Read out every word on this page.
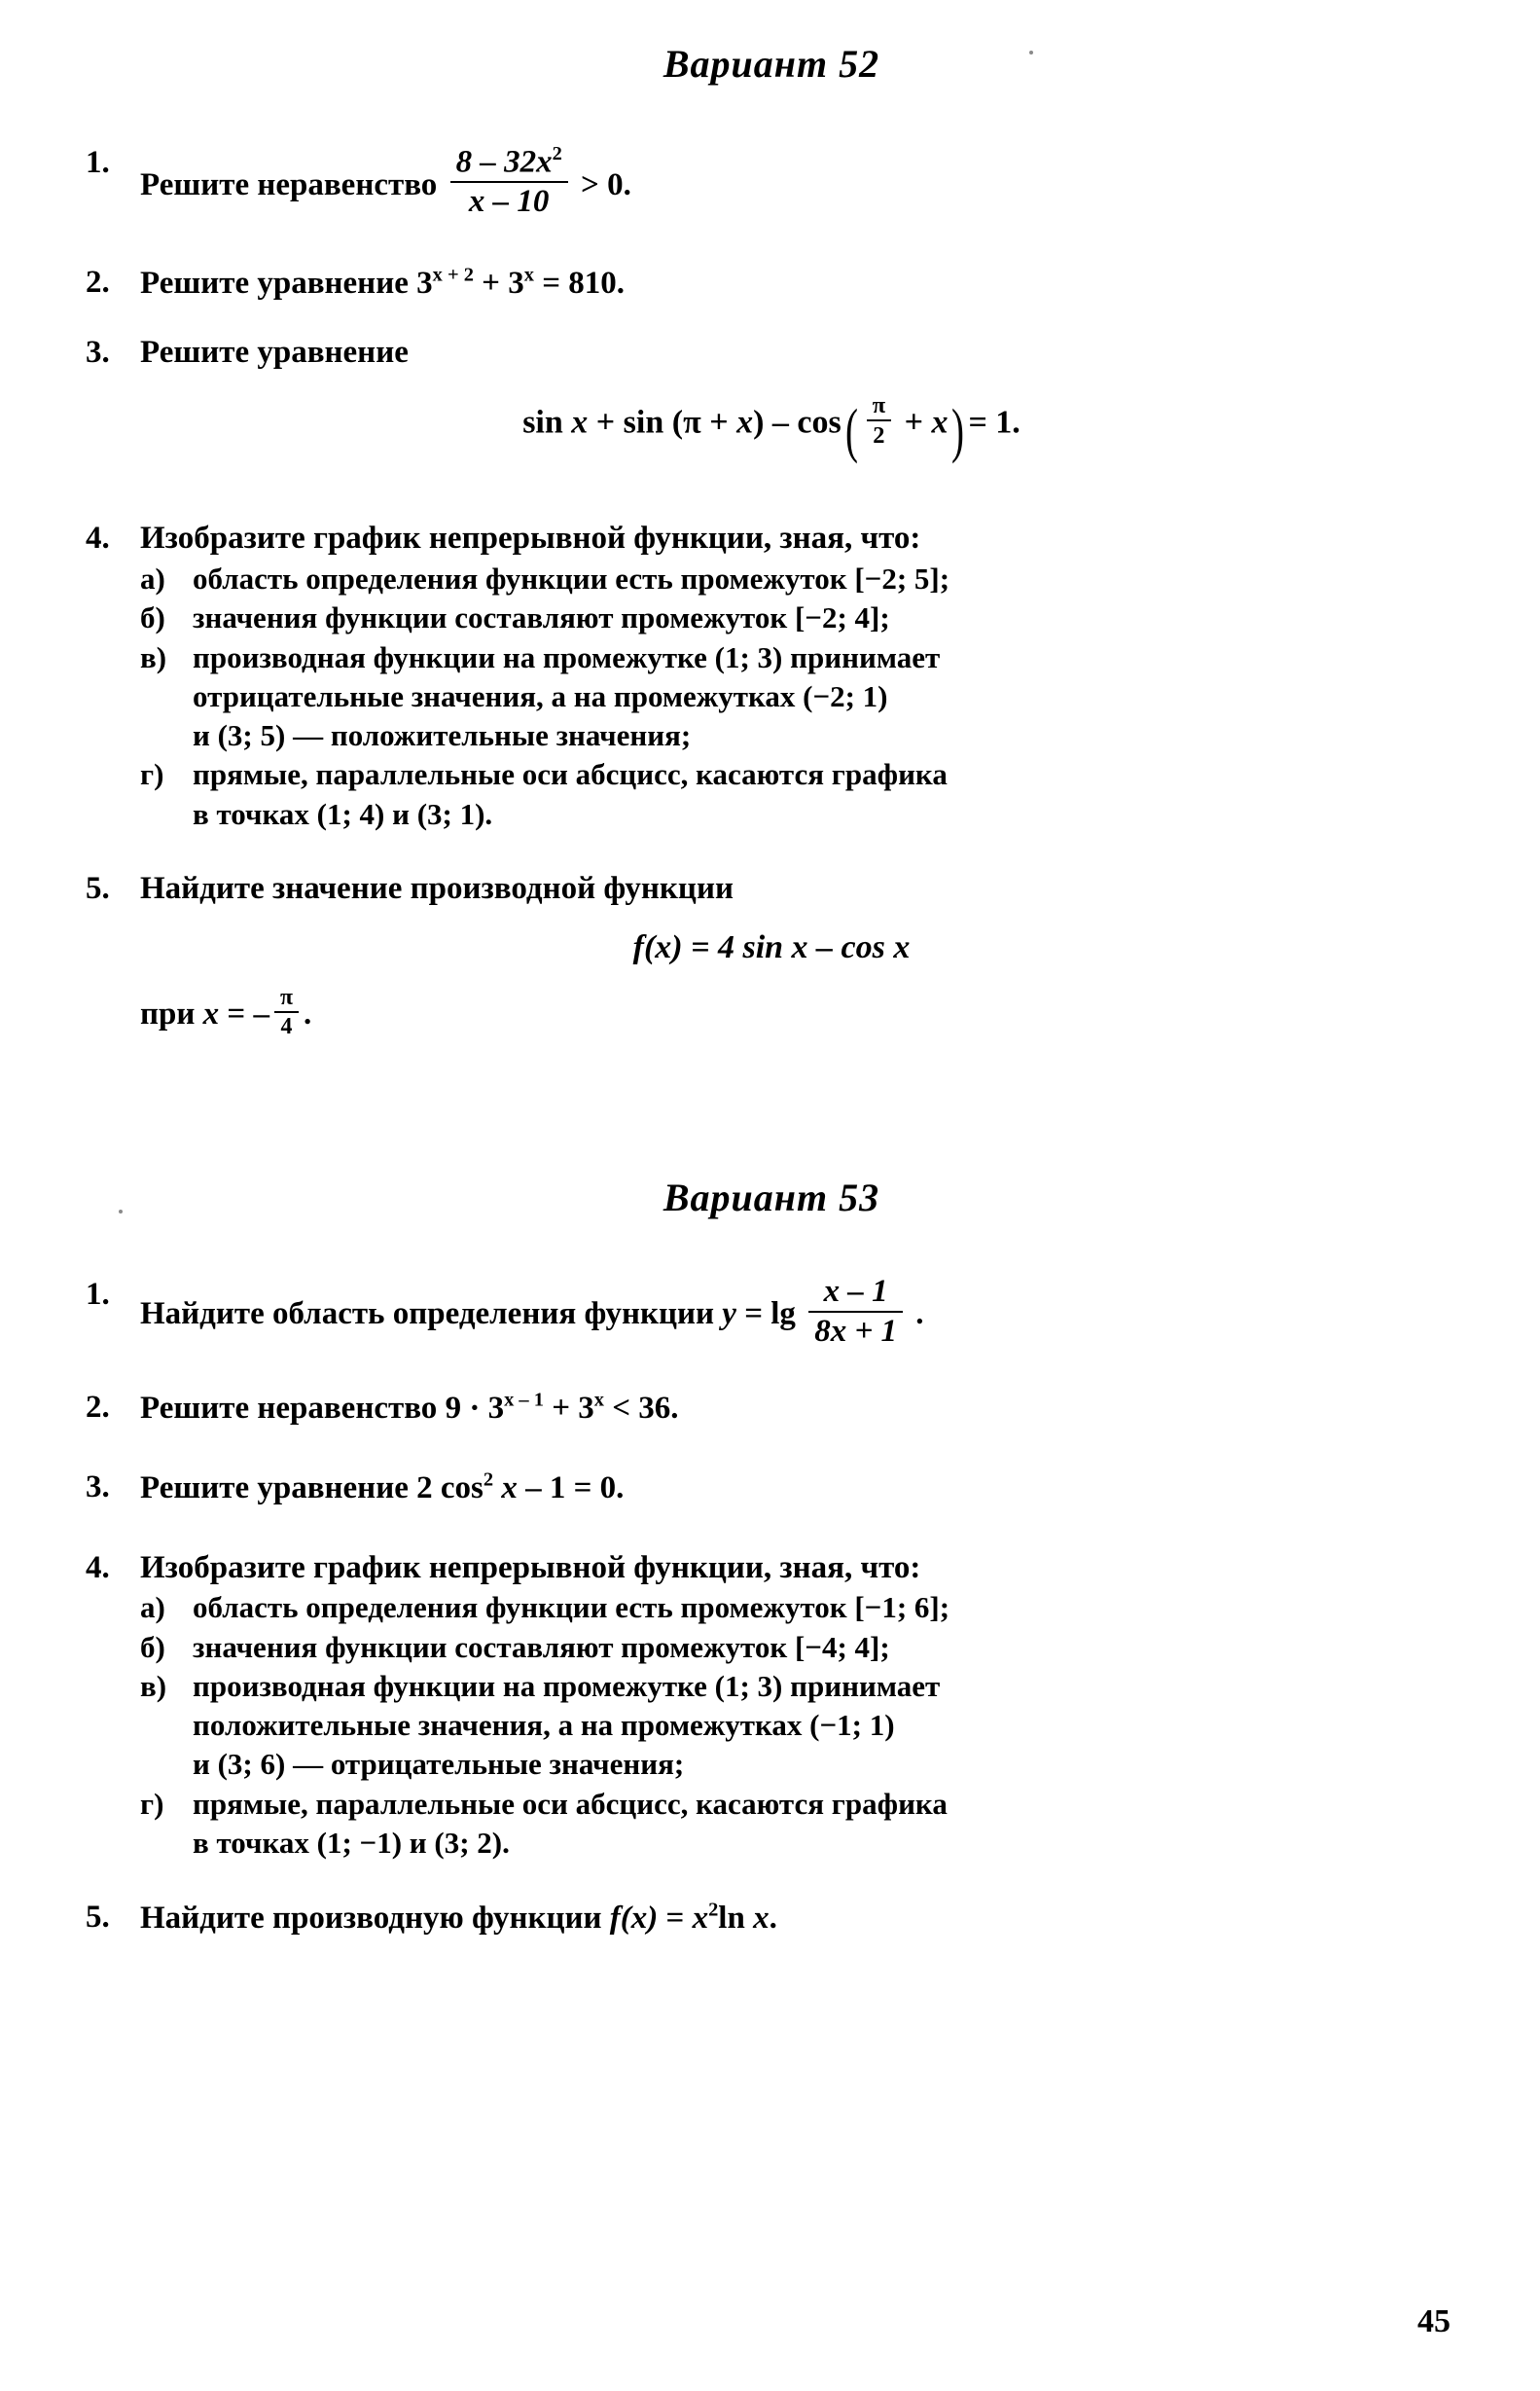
Вариант 52
1.
Решите неравенство $\frac{8 - 32x^2}{x - 10} > 0$.
2. Решите уравнение $3^{x + 2} + 3^x = 810$.
3. Решите уравнение

$\sin x + \sin (\pi + x) - \cos( \frac{\pi}{2} + x) = 1$.

4. Изобразите график непрерывной функции, зная, что:
а) область определения функции есть промежуток [−2; 5];
б) значения функции составляют промежуток [−2; 4];
в) производная функции на промежутке (1; 3) принимает
отрицательные значения, а на промежутках (−2; 1)
и (3; 5) — положительные значения;
г) прямые, параллельные оси абсцисс, касаются графика
в точках (1; 4) и (3; 1).
5. Найдите значение производной функции

f(x) = 4 sin x – cos x

при x = – $\frac{\pi}{4}$ .
Вариант 53
1.
Найдите область определения функции $y = \lg \frac{x - 1}{8x + 1}$ .
2. Решите неравенство $9 \cdot 3^{x - 1} + 3^x < 36$.
3. Решите уравнение 2 $\cos^2 x - 1 = 0$.
4. Изобразите график непрерывной функции, зная, что:
а) область определения функции есть промежуток [−1; 6];
б) значения функции составляют промежуток [−4; 4];
в) производная функции на промежутке (1; 3) принимает
положительные значения, а на промежутках (−1; 1)
и (3; 6) — отрицательные значения;
г) прямые, параллельные оси абсцисс, касаются графика
в точках (1; −1) и (3; 2).
5. Найдите производную функции $f(x) = x^2\ln$ x.
45
